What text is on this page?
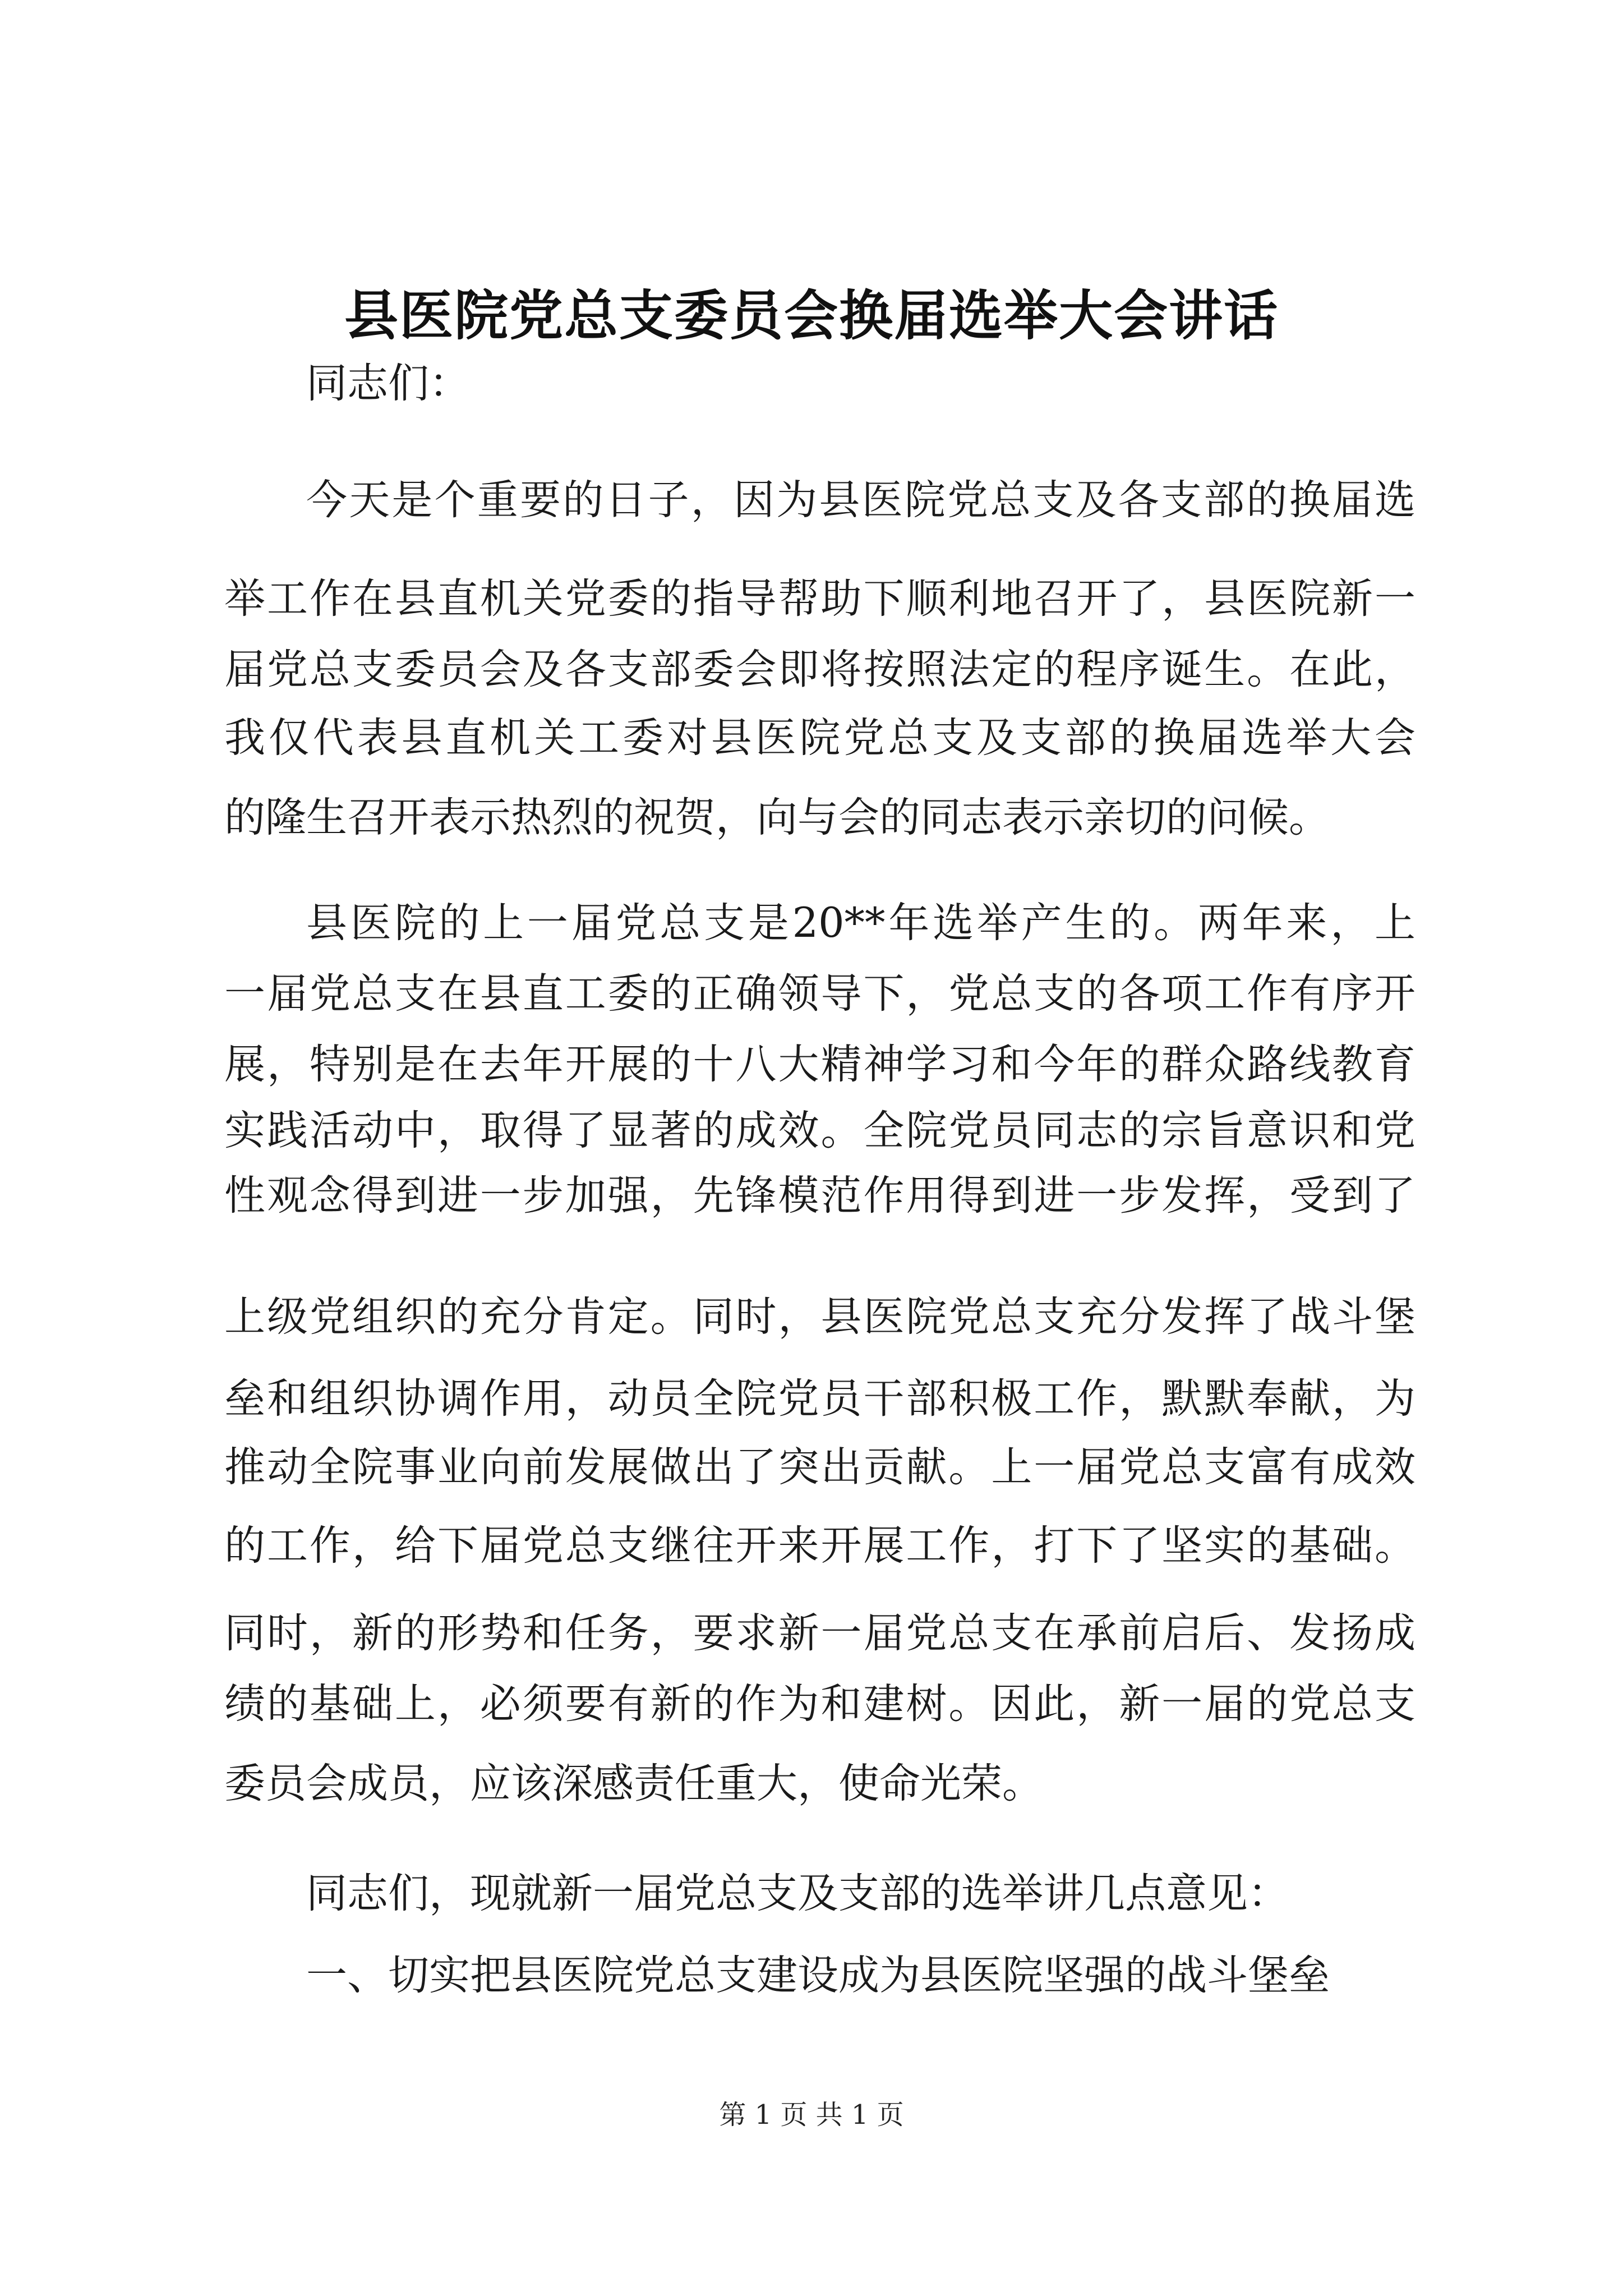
县医院党总支委员会换届选举大会讲话

同志们：

今天是个重要的日子，因为县医院党总支及各支部的换届选

举工作在县直机关党委的指导帮助下顺利地召开了，县医院新一

届党总支委员会及各支部委会即将按照法定的程序诞生。在此，

我仅代表县直机关工委对县医院党总支及支部的换届选举大会

的隆生召开表示热烈的祝贺，向与会的同志表示亲切的问候。

县医院的上一届党总支是20**年选举产生的。两年来，上

一届党总支在县直工委的正确领导下，党总支的各项工作有序开

展，特别是在去年开展的十八大精神学习和今年的群众路线教育

实践活动中，取得了显著的成效。全院党员同志的宗旨意识和党

性观念得到进一步加强，先锋模范作用得到进一步发挥，受到了

上级党组织的充分肯定。同时，县医院党总支充分发挥了战斗堡

垒和组织协调作用，动员全院党员干部积极工作，默默奉献，为

推动全院事业向前发展做出了突出贡献。上一届党总支富有成效

的工作，给下届党总支继往开来开展工作，打下了坚实的基础。

同时，新的形势和任务，要求新一届党总支在承前启后、发扬成

绩的基础上，必须要有新的作为和建树。因此，新一届的党总支

委员会成员，应该深感责任重大，使命光荣。

同志们，现就新一届党总支及支部的选举讲几点意见：

一、切实把县医院党总支建设成为县医院坚强的战斗堡垒

第 1 页 共 1 页
